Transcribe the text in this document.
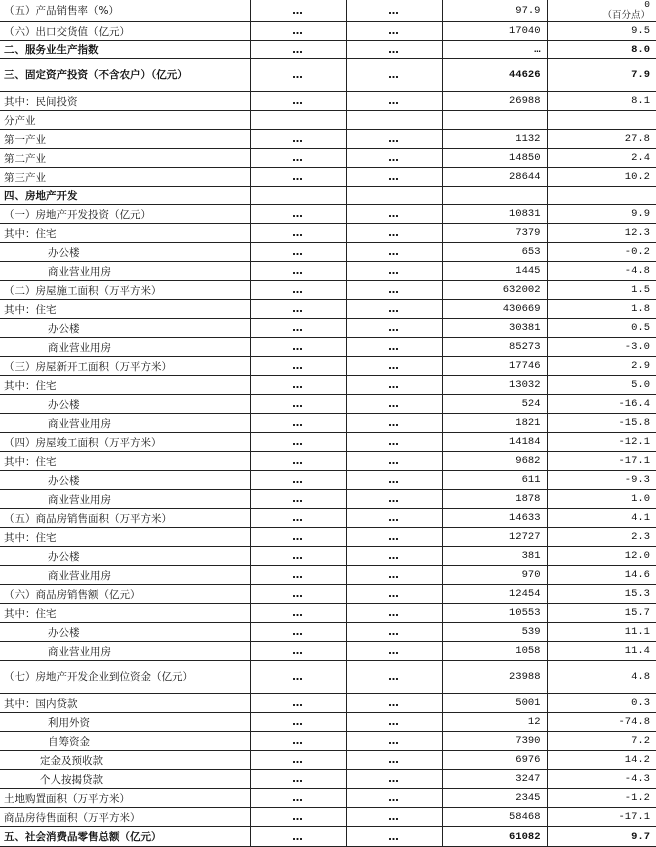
（五）产品销售率（%）	…	…	97.9	0
（百分点）

（六）出口交货值（亿元）	…	…	17040	9.5
二、服务业生产指数	…	…	…	8.0
三、固定资产投资（不含农户）（亿元）	…	…	44626	7.9
其中：民间投资	…	…	26988	8.1
分产业				
第一产业	…	…	1132	27.8
第二产业	…	…	14850	2.4
第三产业	…	…	28644	10.2
四、房地产开发				
（一）房地产开发投资（亿元）	…	…	10831	9.9
其中：住宅	…	…	7379	12.3
办公楼	…	…	653	-0.2
商业营业用房	…	…	1445	-4.8
（二）房屋施工面积（万平方米）	…	…	632002	1.5
其中：住宅	…	…	430669	1.8
办公楼	…	…	30381	0.5
商业营业用房	…	…	85273	-3.0
（三）房屋新开工面积（万平方米）	…	…	17746	2.9
其中：住宅	…	…	13032	5.0
办公楼	…	…	524	-16.4
商业营业用房	…	…	1821	-15.8
（四）房屋竣工面积（万平方米）	…	…	14184	-12.1
其中：住宅	…	…	9682	-17.1
办公楼	…	…	611	-9.3
商业营业用房	…	…	1878	1.0
（五）商品房销售面积（万平方米）	…	…	14633	4.1
其中：住宅	…	…	12727	2.3
办公楼	…	…	381	12.0
商业营业用房	…	…	970	14.6
（六）商品房销售额（亿元）	…	…	12454	15.3
其中：住宅	…	…	10553	15.7
办公楼	…	…	539	11.1
商业营业用房	…	…	1058	11.4
（七）房地产开发企业到位资金（亿元）	…	…	23988	4.8
其中：国内贷款	…	…	5001	0.3
利用外资	…	…	12	-74.8
自筹资金	…	…	7390	7.2
定金及预收款	…	…	6976	14.2
个人按揭贷款	…	…	3247	-4.3
土地购置面积（万平方米）	…	…	2345	-1.2
商品房待售面积（万平方米）	…	…	58468	-17.1
五、社会消费品零售总额（亿元）	…	…	61082	9.7
